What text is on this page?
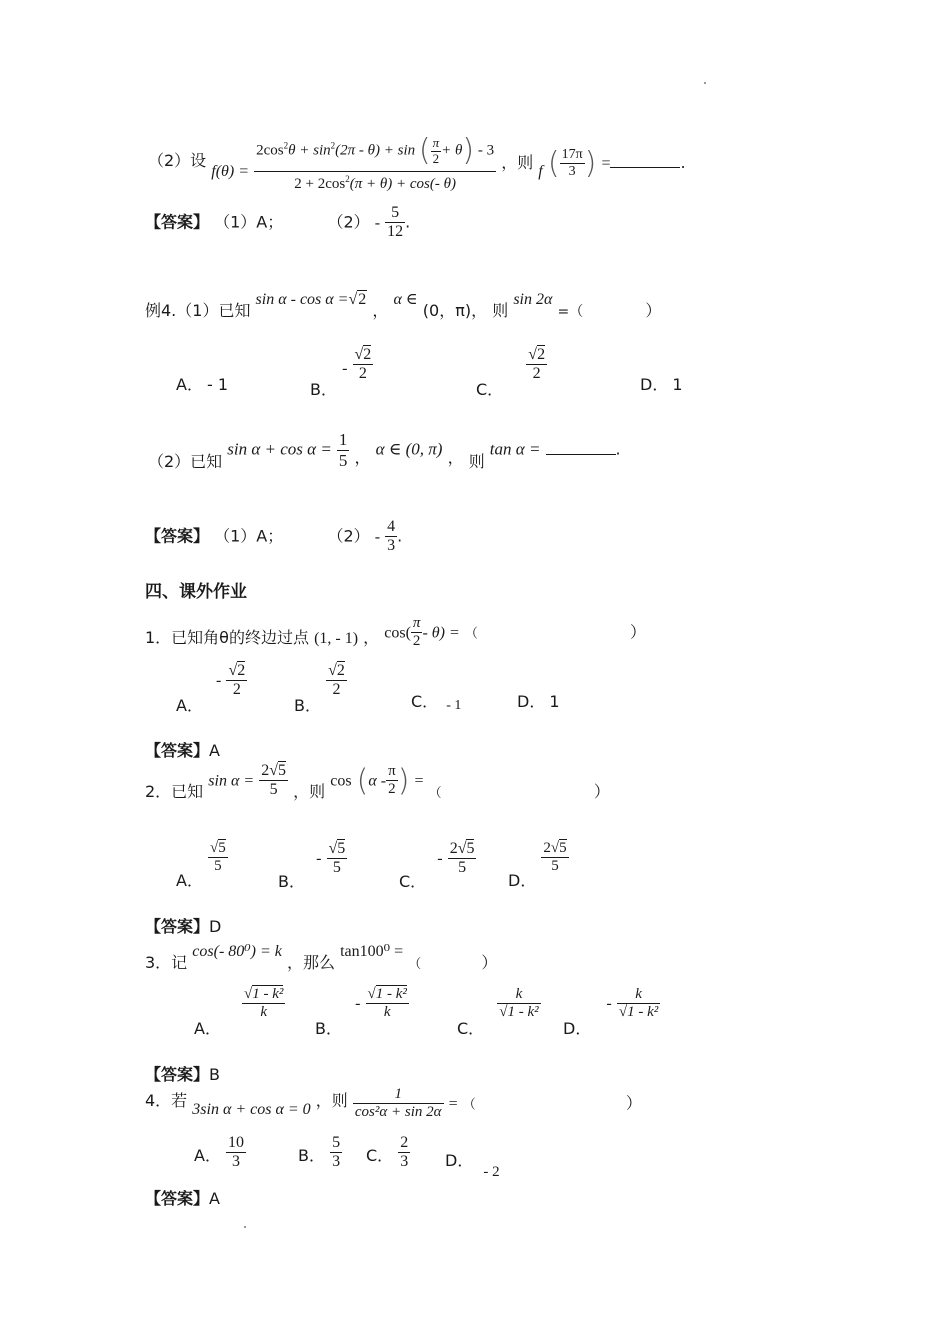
（2）设 $f(\theta) = \frac{2\cos^2\theta + \sin^2(2\pi - \theta) + \sin ( \frac{\pi}{2} + \theta) - 3}{2 + 2\cos^2(\pi + \theta) + \cos(- \theta)}$ ，则 f ( $\frac{17\pi}{3}$ ) =	.
【答案】 （1）A；	$(2) - \frac{5}{12}$ .
例4.（1）已知 sin α - cos α =√2 ， α ∈ (0，π)， 则 sin 2α =（	）
A． - 1	B． - $\frac{√2}{2}$
C．
$\frac{√2}{2}$
D． 1
（2）已知 $\sin \alpha + \cos \alpha = \frac{1}{5}$ ， α ∈ (0, π) ， 则 tan α =	.
【答案】 （1）A；	$(2) - \frac{4}{3}$ .
四、课外作业
1．已知角θ的终边过点 (1, - 1) ， $\cos( \frac{\pi}{2} - \theta)$ = （	）
A． - $\frac{√2}{2}$
B．
$\frac{√2}{2}$
C． - 1	D． 1
【答案】A
2．已知 $\sin \alpha = \frac{2√5}{5}$ ，则 $\cos (\alpha - \frac{\pi}{2}$ ) = $_($	）
A．
$\frac{√5}{5}$
B． - $\frac{√5}{5}$
C． - $\frac{2√5}{5}$
D．
$\frac{2√5}{5}$
【答案】D
3．记 cos(- 80⁰) = k ，那么 tan100⁰ = $_($	）
A．
$\frac{\text{√1 - k²}}{k}$
B． - $\frac{\text{√1 - k²}}{k}$
C．
$\frac{k}{\text{√1 - k²}}$
D． - $\frac{k}{\text{√1 - k²}}$
【答案】B
4．若 3sin α + cos α = 0 ，则 $\frac{1}{\text{cos²α + sin 2α}}$ = （	）
A． $\frac{10}{3}$	B． $\frac{5}{3}$ C． $\frac{2}{3}$ D．- 2
【答案】A
